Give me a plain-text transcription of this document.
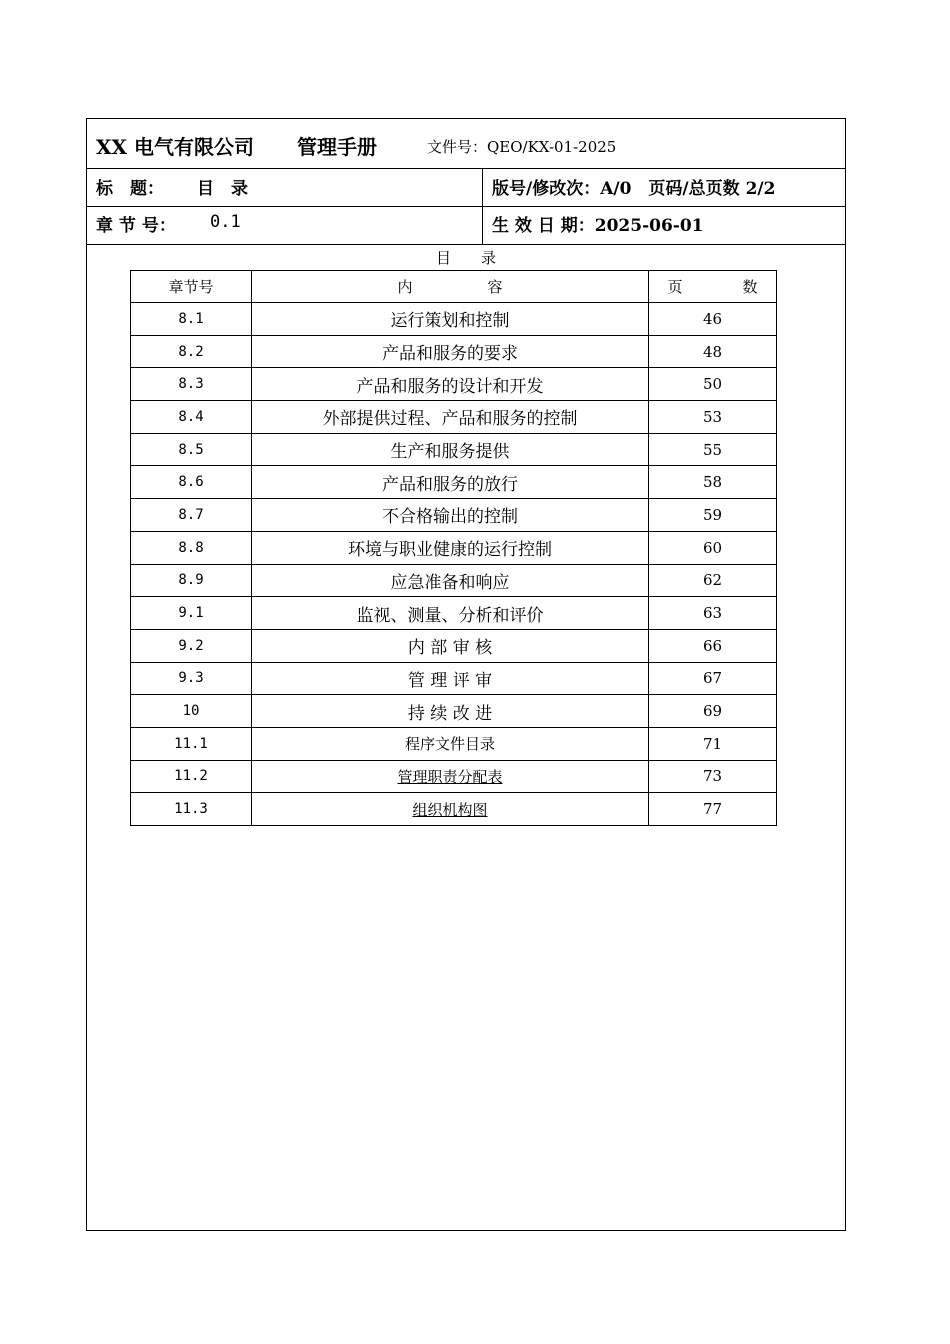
XX 电气有限公司 管理手册	文件号：QEO/KX-01-2025
标　题： 目　录	版号/修改次：A/0　页码/总页数 2/2
章 节 号： 0.1	生 效 日 期：2025-06-01
目　　录
章节号	内　　　　　容	页　　　　数
8.1	运行策划和控制	46
8.2	产品和服务的要求	48
8.3	产品和服务的设计和开发	50
8.4	外部提供过程、产品和服务的控制	53
8.5	生产和服务提供	55
8.6	产品和服务的放行	58
8.7	不合格输出的控制	59
8.8	环境与职业健康的运行控制	60
8.9	应急准备和响应	62
9.1	监视、测量、分析和评价	63
9.2	内 部 审 核	66
9.3	管 理 评 审	67
10	持 续 改 进	69
11.1	程序文件目录	71
11.2	管理职责分配表	73
11.3	组织机构图	77
